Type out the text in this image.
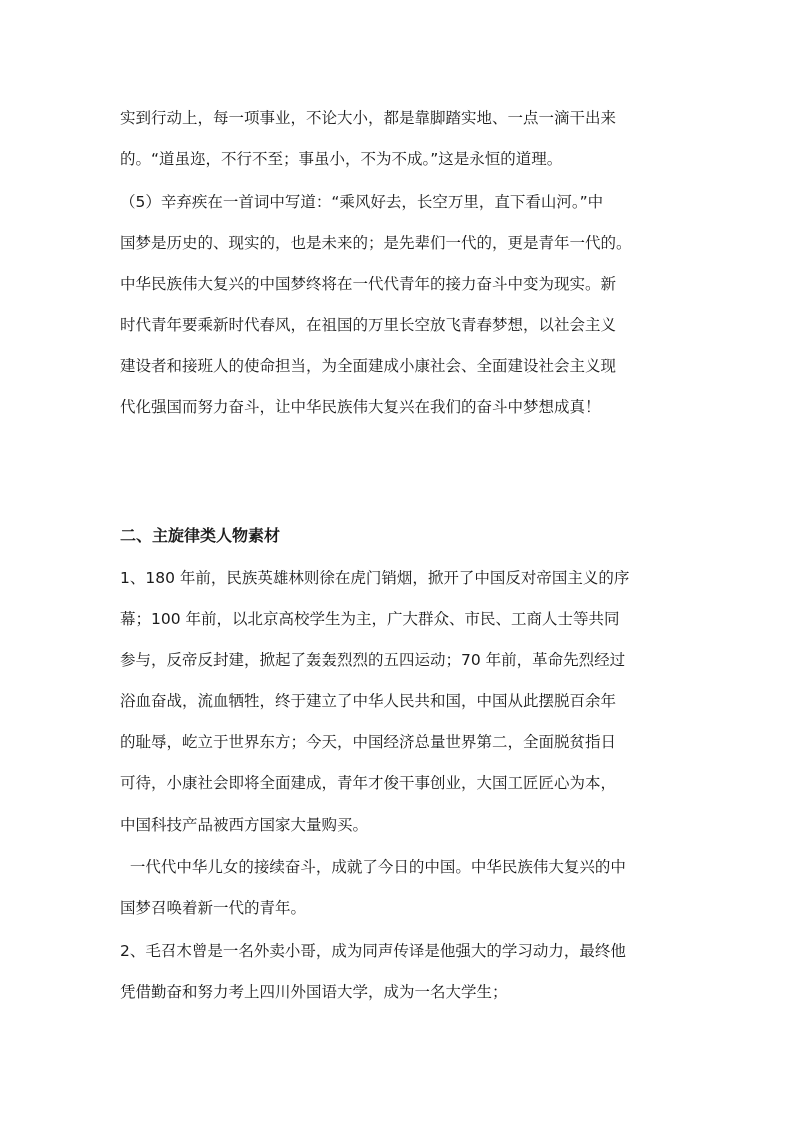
实到行动上，每一项事业，不论大小，都是靠脚踏实地、一点一滴干出来
的。“道虽迩，不行不至；事虽小，不为不成。”这是永恒的道理。
（5）辛弃疾在一首词中写道：“乘风好去，长空万里，直下看山河。”中
国梦是历史的、现实的，也是未来的；是先辈们一代的，更是青年一代的。
中华民族伟大复兴的中国梦终将在一代代青年的接力奋斗中变为现实。新
时代青年要乘新时代春风，在祖国的万里长空放飞青春梦想，以社会主义
建设者和接班人的使命担当，为全面建成小康社会、全面建设社会主义现
代化强国而努力奋斗，让中华民族伟大复兴在我们的奋斗中梦想成真！
二、主旋律类人物素材
1、180 年前，民族英雄林则徐在虎门销烟，掀开了中国反对帝国主义的序
幕；100 年前，以北京高校学生为主，广大群众、市民、工商人士等共同
参与，反帝反封建，掀起了轰轰烈烈的五四运动；70 年前，革命先烈经过
浴血奋战，流血牺牲，终于建立了中华人民共和国，中国从此摆脱百余年
的耻辱，屹立于世界东方；今天，中国经济总量世界第二，全面脱贫指日
可待，小康社会即将全面建成，青年才俊干事创业，大国工匠匠心为本，
中国科技产品被西方国家大量购买。
一代代中华儿女的接续奋斗，成就了今日的中国。中华民族伟大复兴的中
国梦召唤着新一代的青年。
2、毛召木曾是一名外卖小哥，成为同声传译是他强大的学习动力，最终他
凭借勤奋和努力考上四川外国语大学，成为一名大学生；
